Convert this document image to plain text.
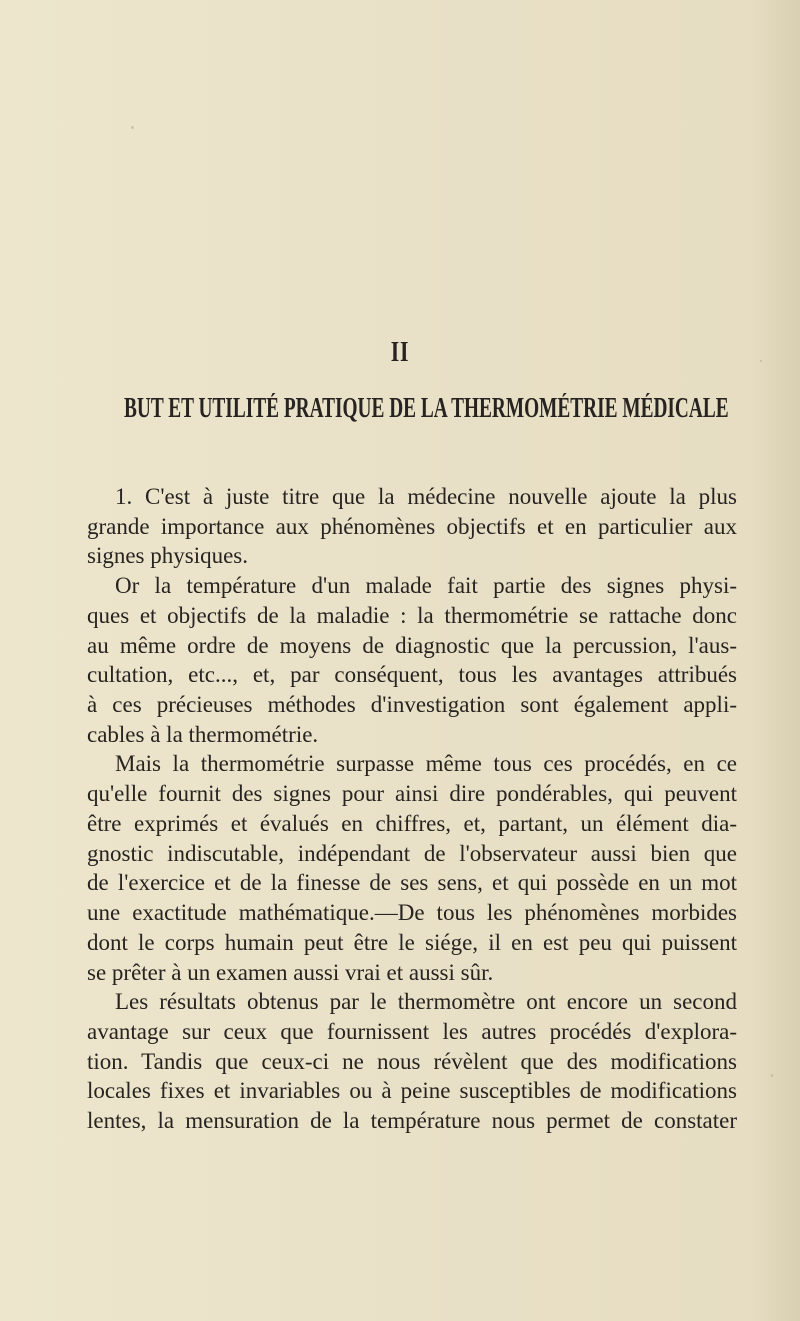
II
BUT ET UTILITÉ PRATIQUE DE LA THERMOMÉTRIE MÉDICALE
1. C'est à juste titre que la médecine nouvelle ajoute la plus
grande importance aux phénomènes objectifs et en particulier aux
signes physiques.
Or la température d'un malade fait partie des signes physi-
ques et objectifs de la maladie : la thermométrie se rattache donc
au même ordre de moyens de diagnostic que la percussion, l'aus-
cultation, etc..., et, par conséquent, tous les avantages attribués
à ces précieuses méthodes d'investigation sont également appli-
cables à la thermométrie.
Mais la thermométrie surpasse même tous ces procédés, en ce
qu'elle fournit des signes pour ainsi dire pondérables, qui peuvent
être exprimés et évalués en chiffres, et, partant, un élément dia-
gnostic indiscutable, indépendant de l'observateur aussi bien que
de l'exercice et de la finesse de ses sens, et qui possède en un mot
une exactitude mathématique.—De tous les phénomènes morbides
dont le corps humain peut être le siége, il en est peu qui puissent
se prêter à un examen aussi vrai et aussi sûr.
Les résultats obtenus par le thermomètre ont encore un second
avantage sur ceux que fournissent les autres procédés d'explora-
tion. Tandis que ceux-ci ne nous révèlent que des modifications
locales fixes et invariables ou à peine susceptibles de modifications
lentes, la mensuration de la température nous permet de constater
